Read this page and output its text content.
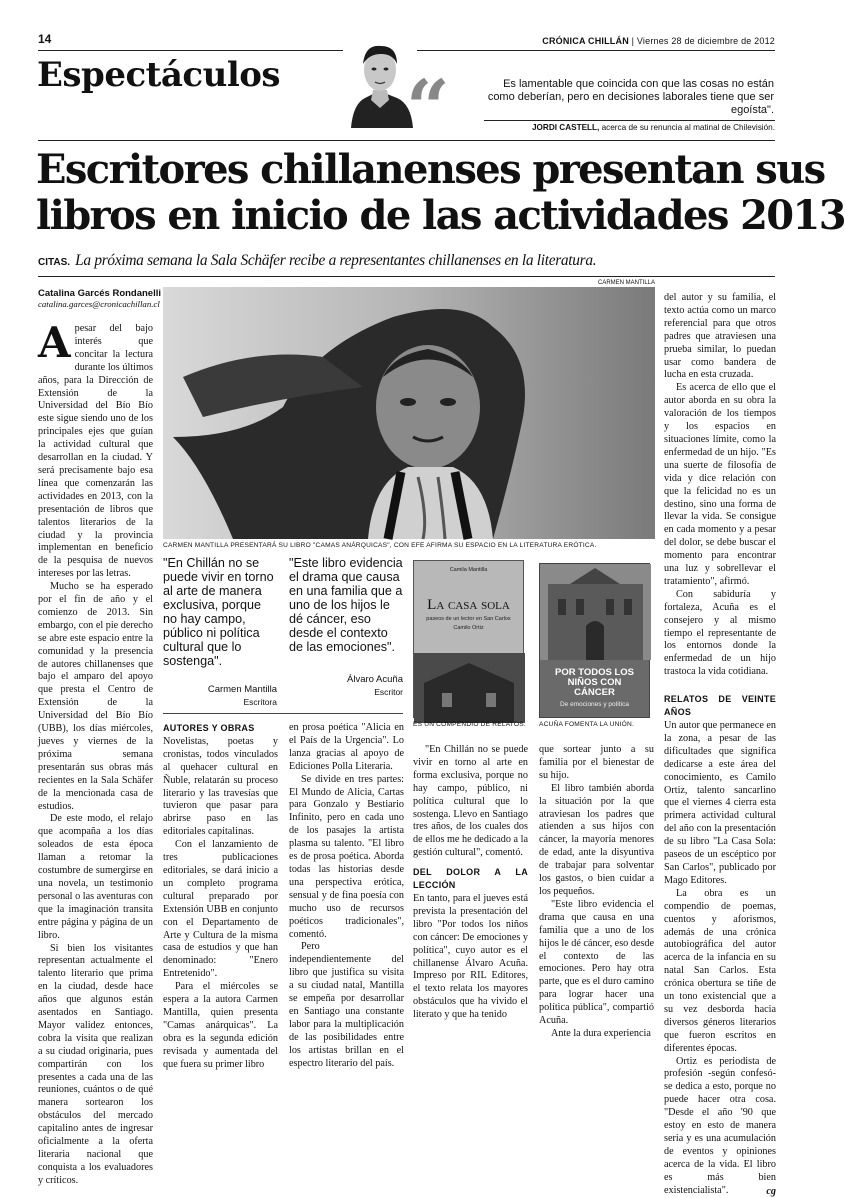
14	CRÓNICA CHILLÁN | Viernes 28 de diciembre de 2012
Espectáculos “	Es lamentable que coincida con que las cosas no están como deberían, pero en decisiones laborales tiene que ser egoísta".
JORDI CASTELL, acerca de su renuncia al matinal de Chilevisión.
Escritores chillanenses presentan sus
libros en inicio de las actividades 2013
CITAS. La próxima semana la Sala Schäfer recibe a representantes chillanenses en la literatura.
Catalina Garcés Rondanelli
catalina.garces@cronicachillan.cl
CARMEN MANTILLA
CARMEN MANTILLA PRESENTARÁ SU LIBRO "CAMAS ANÁRQUICAS", CON EFE AFIRMA SU ESPACIO EN LA LITERATURA ERÓTICA.
A pesar del bajo interés que concitar la lectura durante los últimos años, para la Dirección de Extensión de la Universidad del Bío Bío este sigue siendo uno de los principales ejes que guían la actividad cultural que desarrollan en la ciudad. Y será precisamente bajo esa línea que comenzarán las actividades en 2013, con la presentación de libros que talentos literarios de la ciudad y la provincia implementan en beneficio de la pesquisa de nuevos intereses por las letras.

Mucho se ha esperado por el fin de año y el comienzo de 2013. Sin embargo, con el pie derecho se abre este espacio entre la comunidad y la presencia de autores chillanenses que bajo el amparo del apoyo que presta el Centro de Extensión de la Universidad del Bío Bío (UBB), los días miércoles, jueves y viernes de la próxima semana presentarán sus obras más recientes en la Sala Schäfer de la mencionada casa de estudios.

De este modo, el relajo que acompaña a los días soleados de esta época llaman a retomar la costumbre de sumergirse en una novela, un testimonio personal o las aventuras con que la imaginación transita entre página y página de un libro.

Si bien los visitantes representan actualmente el talento literario que prima en la ciudad, desde hace años que algunos están asentados en Santiago. Mayor validez entonces, cobra la visita que realizan a su ciudad originaria, pues compartirán con los presentes a cada una de las reuniones, cuántos o de qué manera sortearon los obstáculos del mercado capitalino antes de ingresar oficialmente a la oferta literaria nacional que conquista a los evaluadores y críticos.

"En Chillán no se puede vivir en torno al arte de manera exclusiva, porque no hay campo, público ni política cultural que lo sostenga".
Carmen Mantilla
Escritora
"Este libro evidencia el drama que causa en una familia que a uno de los hijos le dé cáncer, eso desde el contexto de las emociones".
Álvaro Acuña
Escritor
AUTORES Y OBRAS

Novelistas, poetas y cronistas, todos vinculados al quehacer cultural en Ñuble, relatarán su proceso literario y las travesías que tuvieron que pasar para abrirse paso en las editoriales capitalinas.

Con el lanzamiento de tres publicaciones editoriales, se dará inicio a un completo programa cultural preparado por Extensión UBB en conjunto con el Departamento de Arte y Cultura de la misma casa de estudios y que han denominado: "Enero Entretenido".

Para el miércoles se espera a la autora Carmen Mantilla, quien presenta "Camas anárquicas". La obra es la segunda edición revisada y aumentada del que fuera su primer libro

en prosa poética "Alicia en el País de la Urgencia". Lo lanza gracias al apoyo de Ediciones Polla Literaria.

Se divide en tres partes: El Mundo de Alicia, Cartas para Gonzalo y Bestiario Infinito, pero en cada uno de los pasajes la artista plasma su talento. "El libro es de prosa poética. Aborda todas las historias desde una perspectiva erótica, sensual y de fina poesía con mucho uso de recursos poéticos tradicionales", comentó.

Pero independientemente del libro que justifica su visita a su ciudad natal, Mantilla se empeña por desarrollar en Santiago una constante labor para la multiplicación de las posibilidades entre los artistas brillan en el espectro literario del país.

Camila Mantilla
La casa sola
paseos de un lector en San Carlos
Camilo Ortiz
ES UN COMPENDIO DE RELATOS.
POR TODOS LOS NIÑOS CON CÁNCER
De emociones y política
ACUÑA FOMENTA LA UNIÓN.

"En Chillán no se puede vivir en torno al arte en forma exclusiva, porque no hay campo, público, ni política cultural que lo sostenga. Llevo en Santiago tres años, de los cuales dos de ellos me he dedicado a la gestión cultural", comentó.

DEL DOLOR A LA LECCIÓN

En tanto, para el jueves está prevista la presentación del libro "Por todos los niños con cáncer: De emociones y política", cuyo autor es el chillanense Álvaro Acuña. Impreso por RIL Editores, el texto relata los mayores obstáculos que ha vivido el literato y que ha tenido

que sortear junto a su familia por el bienestar de su hijo.

El libro también aborda la situación por la que atraviesan los padres que atienden a sus hijos con cáncer, la mayoría menores de edad, ante la disyuntiva de trabajar para solventar los gastos, o bien cuidar a los pequeños.

"Este libro evidencia el drama que causa en una familia que a uno de los hijos le dé cáncer, eso desde el contexto de las emociones. Pero hay otra parte, que es el duro camino para lograr hacer una política pública", compartió Acuña.

Ante la dura experiencia

del autor y su familia, el texto actúa como un marco referencial para que otros padres que atraviesen una prueba similar, lo puedan usar como bandera de lucha en esta cruzada.

Es acerca de ello que el autor aborda en su obra la valoración de los tiempos y los espacios en situaciones límite, como la enfermedad de un hijo. "Es una suerte de filosofía de vida y dice relación con que la felicidad no es un destino, sino una forma de llevar la vida. Se consigue en cada momento y a pesar del dolor, se debe buscar el momento para encontrar una luz y sobrellevar el tratamiento", afirmó.

Con sabiduría y fortaleza, Acuña es el consejero y al mismo tiempo el representante de los entornos donde la enfermedad de un hijo trastoca la vida cotidiana.

RELATOS DE VEINTE AÑOS

Un autor que permanece en la zona, a pesar de las dificultades que significa dedicarse a este área del conocimiento, es Camilo Ortiz, talento sancarlino que el viernes 4 cierra esta primera actividad cultural del año con la presentación de su libro "La Casa Sola: paseos de un escéptico por San Carlos", publicado por Mago Editores.

La obra es un compendio de poemas, cuentos y aforismos, además de una crónica autobiográfica del autor acerca de la infancia en su natal San Carlos. Esta crónica obertura se tiñe de un tono existencial que a su vez desborda hacia diversos géneros literarios que fueron escritos en diferentes épocas.

Ortiz es periodista de profesión -según confesó- se dedica a esto, porque no puede hacer otra cosa. "Desde el año '90 que estoy en esto de manera seria y es una acumulación de eventos y opiniones acerca de la vida. El libro es más bien existencialista".	cg
